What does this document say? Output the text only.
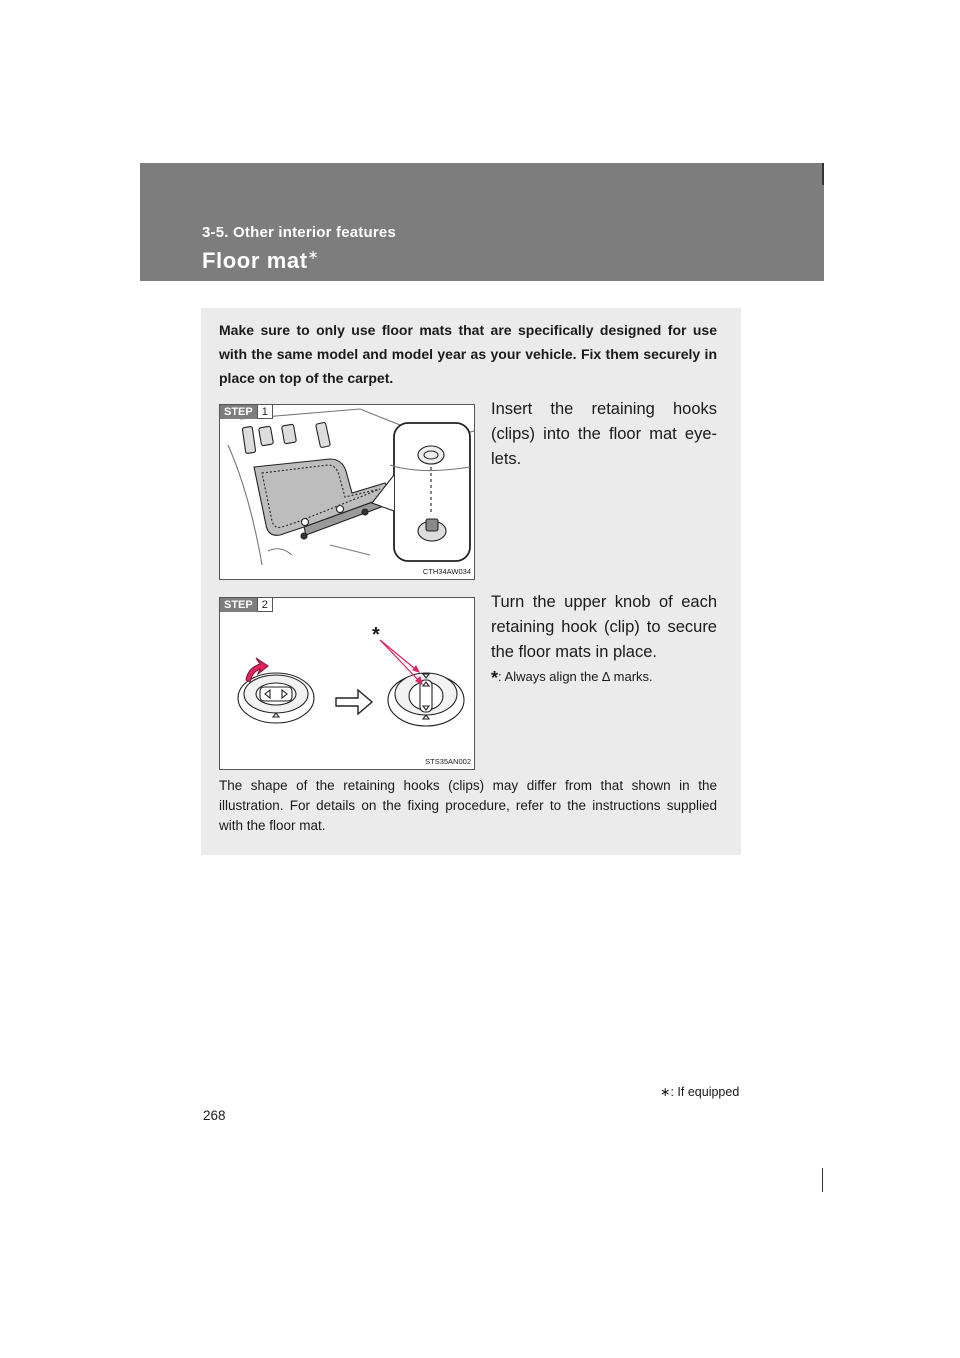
3-5. Other interior features
Floor mat∗
Make sure to only use floor mats that are specifically designed for use with the same model and model year as your vehicle. Fix them securely in place on top of the carpet.
STEP 1
CTH34AW034
Insert the retaining hooks (clips) into the floor mat eye-lets.
STEP 2
*
STS35AN002
Turn the upper knob of each retaining hook (clip) to secure the floor mats in place.
*: Always align the ∆ marks.
The shape of the retaining hooks (clips) may differ from that shown in the illustration. For details on the fixing procedure, refer to the instructions supplied with the floor mat.
∗: If equipped
268
